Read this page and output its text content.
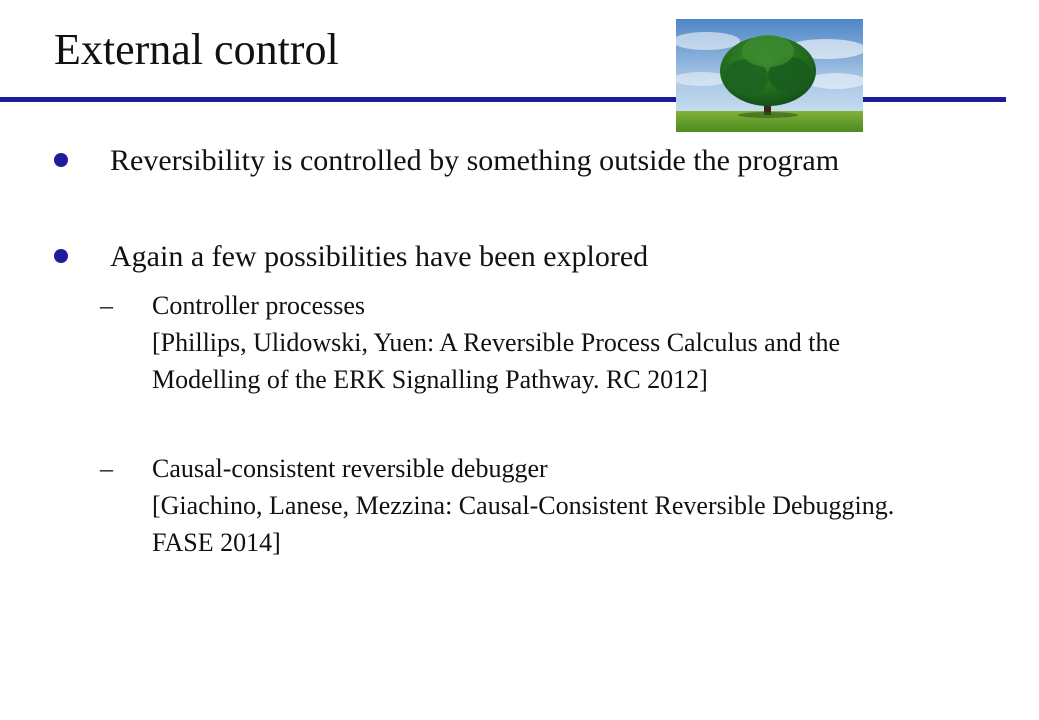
External control
Reversibility is controlled by something outside the program
Again a few possibilities have been explored
– Controller processes
[Phillips, Ulidowski, Yuen: A Reversible Process Calculus and the Modelling of the ERK Signalling Pathway. RC 2012]
– Causal-consistent reversible debugger
[Giachino, Lanese, Mezzina: Causal-Consistent Reversible Debugging. FASE 2014]
